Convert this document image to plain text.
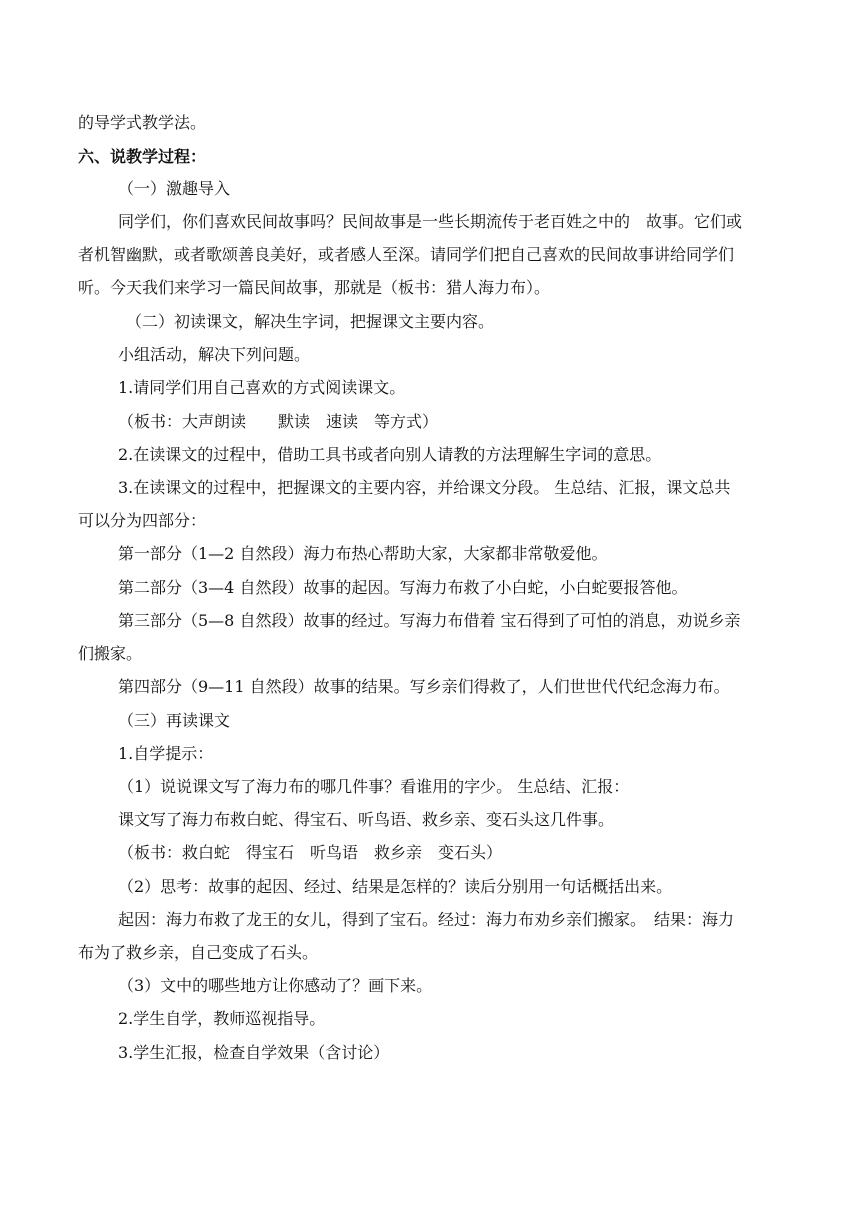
的导学式教学法。
六、说教学过程：
（一）激趣导入
同学们，你们喜欢民间故事吗？民间故事是一些长期流传于老百姓之中的　故事。它们或
者机智幽默，或者歌颂善良美好，或者感人至深。请同学们把自己喜欢的民间故事讲给同学们
听。今天我们来学习一篇民间故事，那就是（板书：猎人海力布）。
（二）初读课文，解决生字词，把握课文主要内容。
小组活动，解决下列问题。
1.请同学们用自己喜欢的方式阅读课文。
（板书：大声朗读　　默读　速读　等方式）
2.在读课文的过程中，借助工具书或者向别人请教的方法理解生字词的意思。
3.在读课文的过程中，把握课文的主要内容，并给课文分段。 生总结、汇报，课文总共
可以分为四部分：
第一部分（1—2 自然段）海力布热心帮助大家，大家都非常敬爱他。
第二部分（3—4 自然段）故事的起因。写海力布救了小白蛇，小白蛇要报答他。
第三部分（5—8 自然段）故事的经过。写海力布借着 宝石得到了可怕的消息，劝说乡亲
们搬家。
第四部分（9—11 自然段）故事的结果。写乡亲们得救了，人们世世代代纪念海力布。
（三）再读课文
1.自学提示：
（1）说说课文写了海力布的哪几件事？看谁用的字少。 生总结、汇报：
课文写了海力布救白蛇、得宝石、听鸟语、救乡亲、变石头这几件事。
（板书：救白蛇　得宝石　听鸟语　救乡亲　变石头）
（2）思考：故事的起因、经过、结果是怎样的？读后分别用一句话概括出来。
起因：海力布救了龙王的女儿，得到了宝石。经过：海力布劝乡亲们搬家。　结果：海力
布为了救乡亲，自己变成了石头。
（3）文中的哪些地方让你感动了？画下来。
2.学生自学，教师巡视指导。
3.学生汇报，检查自学效果（含讨论）
